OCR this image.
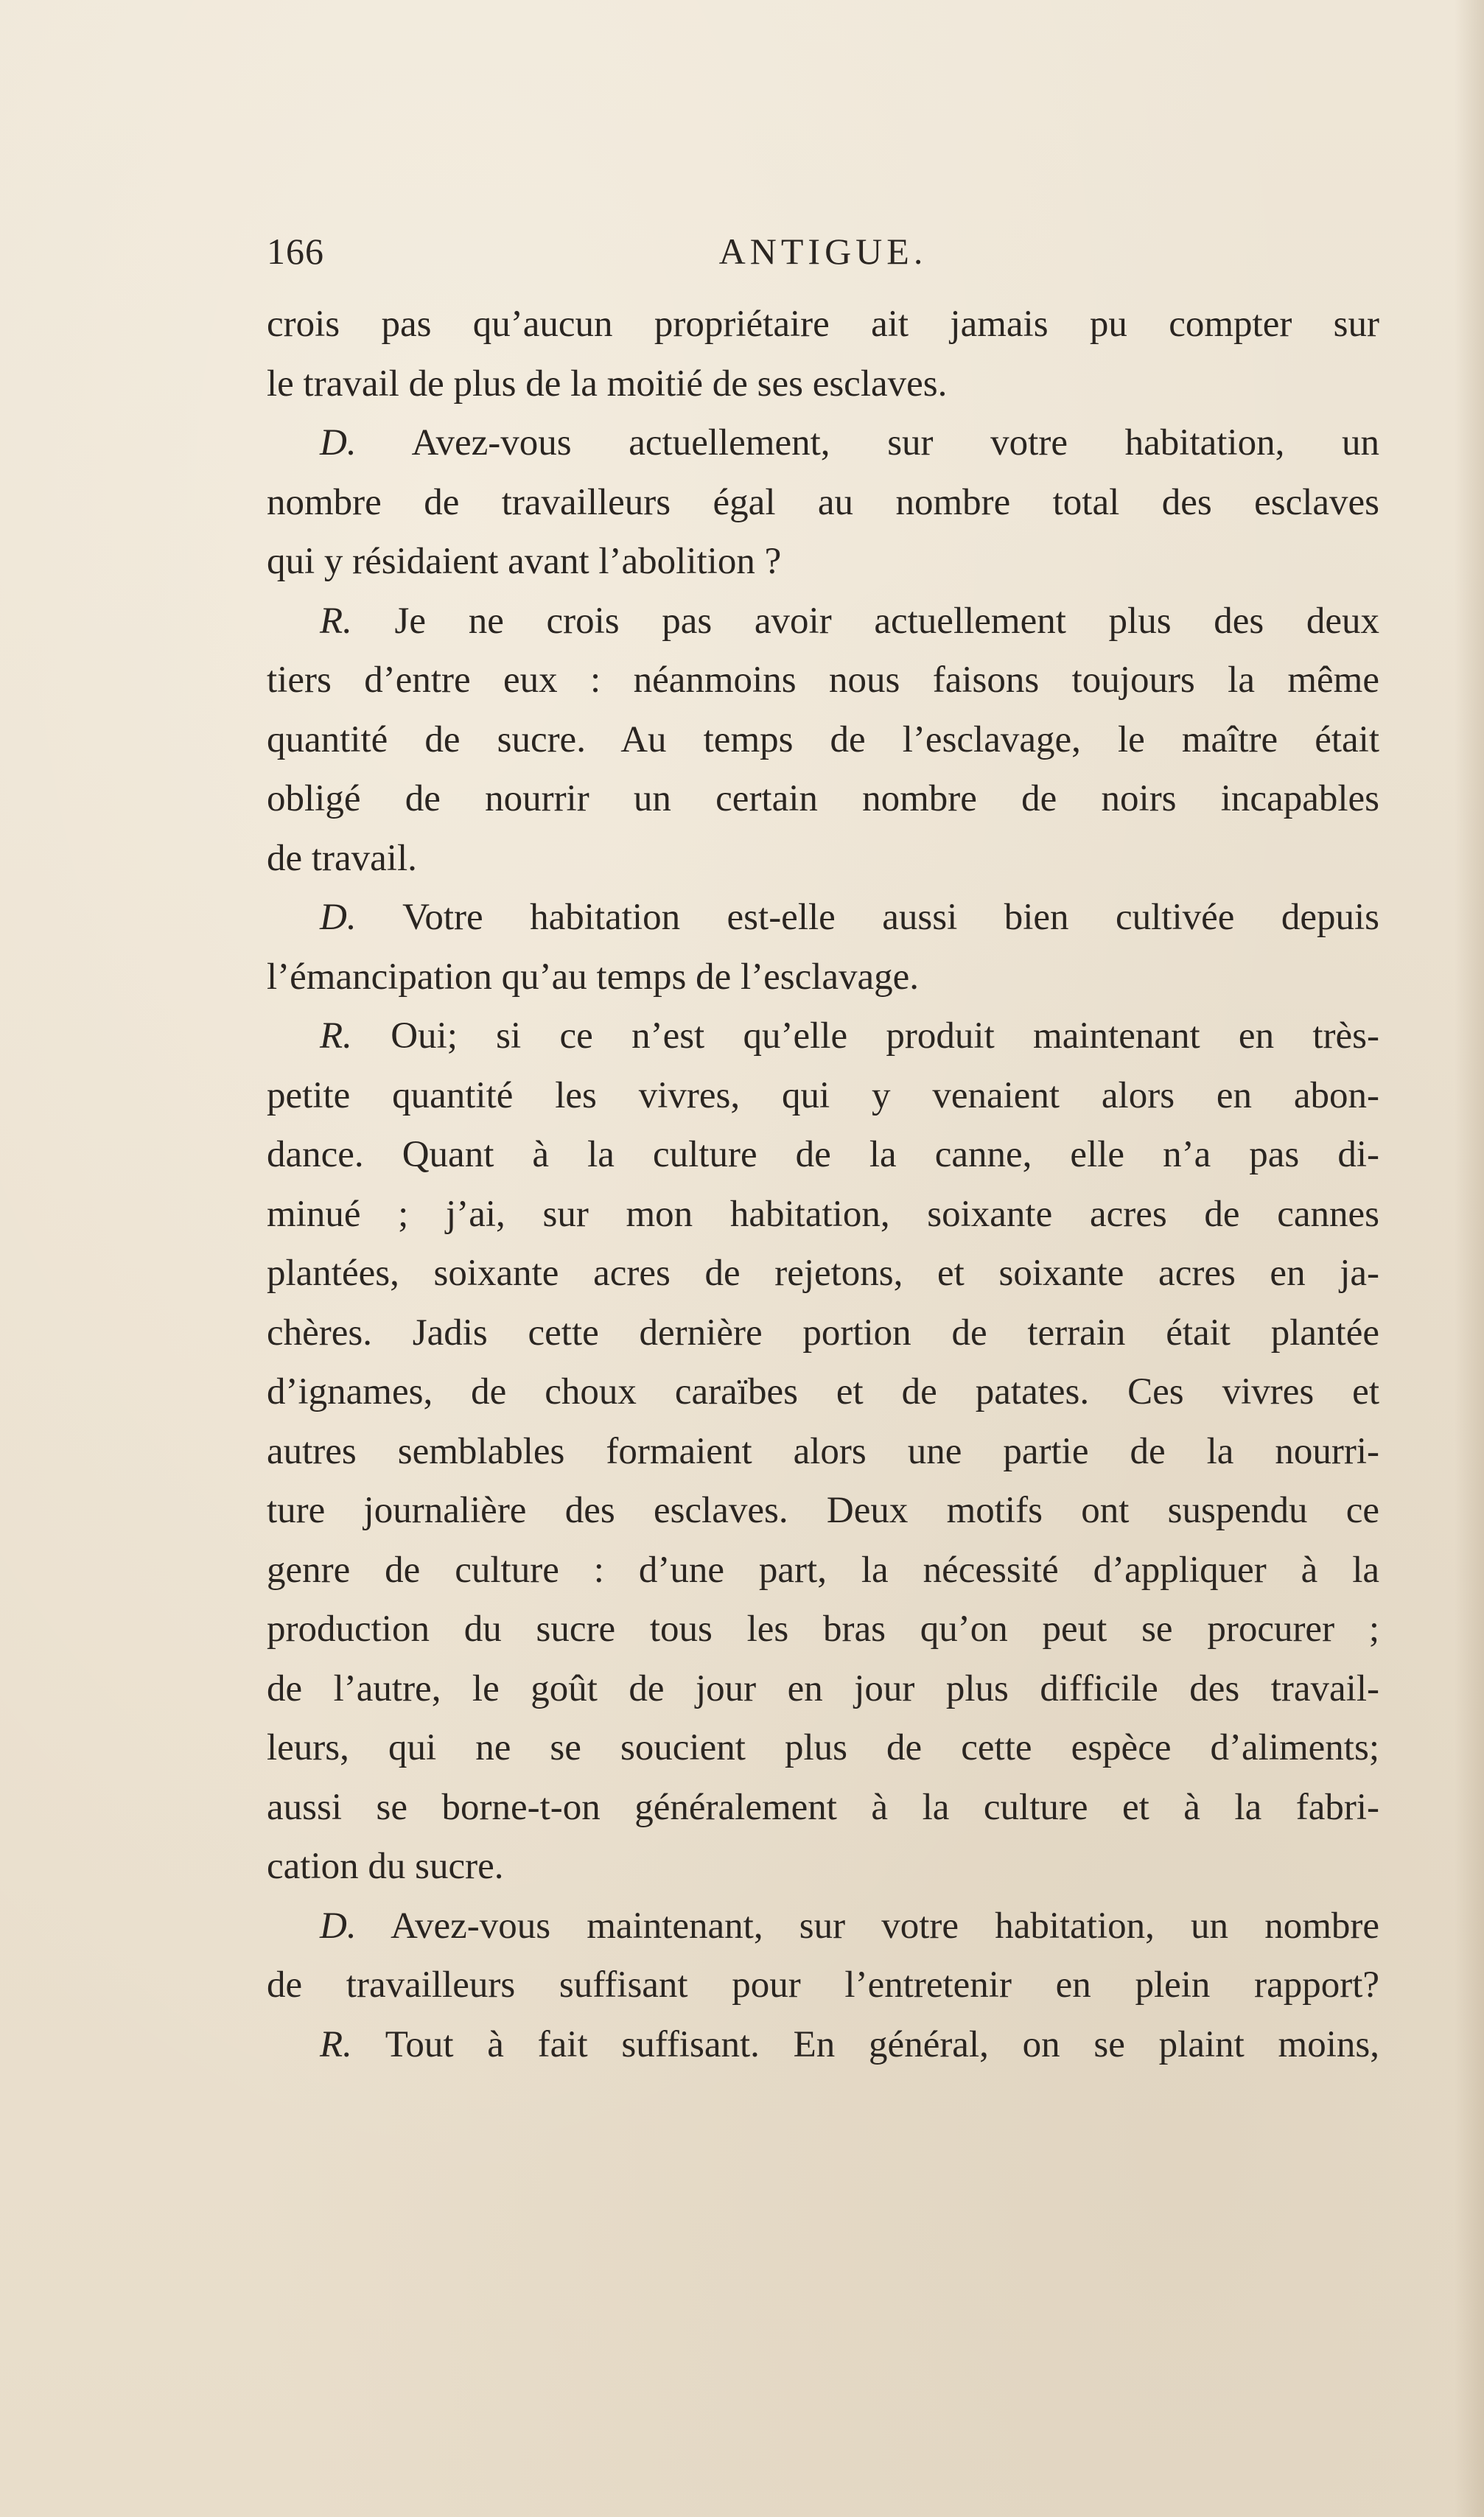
166	ANTIGUE.
crois pas qu’aucun propriétaire ait jamais pu compter sur
le travail de plus de la moitié de ses esclaves.
D. Avez-vous actuellement, sur votre habitation, un
nombre de travailleurs égal au nombre total des esclaves
qui y résidaient avant l’abolition ?
R. Je ne crois pas avoir actuellement plus des deux
tiers d’entre eux : néanmoins nous faisons toujours la même
quantité de sucre. Au temps de l’esclavage, le maître était
obligé de nourrir un certain nombre de noirs incapables
de travail.
D. Votre habitation est-elle aussi bien cultivée depuis
l’émancipation qu’au temps de l’esclavage.
R. Oui; si ce n’est qu’elle produit maintenant en très-
petite quantité les vivres, qui y venaient alors en abon-
dance. Quant à la culture de la canne, elle n’a pas di-
minué ; j’ai, sur mon habitation, soixante acres de cannes
plantées, soixante acres de rejetons, et soixante acres en ja-
chères. Jadis cette dernière portion de terrain était plantée
d’ignames, de choux caraïbes et de patates. Ces vivres et
autres semblables formaient alors une partie de la nourri-
ture journalière des esclaves. Deux motifs ont suspendu ce
genre de culture : d’une part, la nécessité d’appliquer à la
production du sucre tous les bras qu’on peut se procurer ;
de l’autre, le goût de jour en jour plus difficile des travail-
leurs, qui ne se soucient plus de cette espèce d’aliments;
aussi se borne-t-on généralement à la culture et à la fabri-
cation du sucre.
D. Avez-vous maintenant, sur votre habitation, un nombre
de travailleurs suffisant pour l’entretenir en plein rapport?
R. Tout à fait suffisant. En général, on se plaint moins,
